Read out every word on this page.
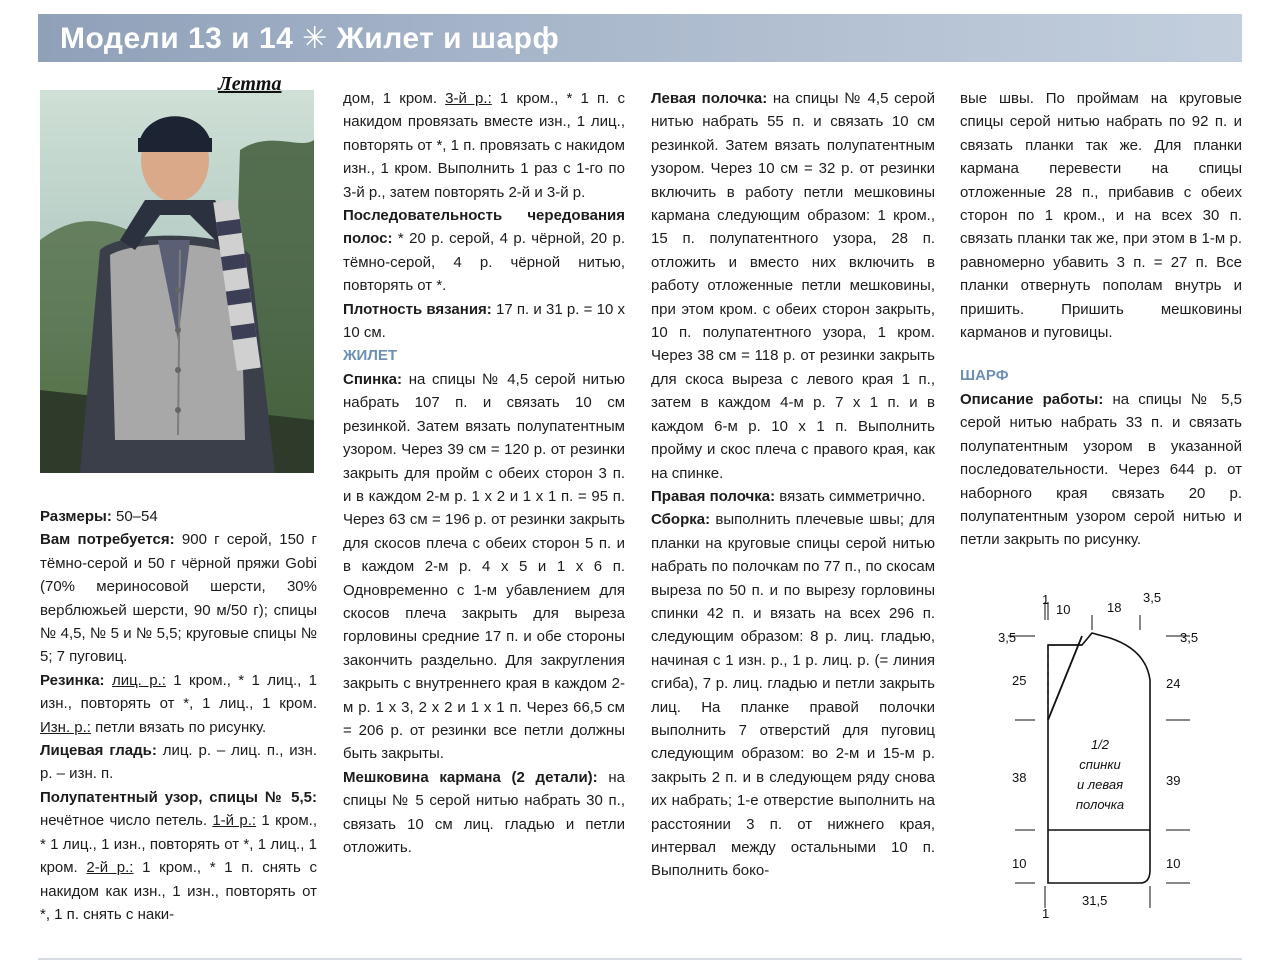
Модели 13 и 14 ✳ Жилет и шарф
Летта

Размеры: 50–54

Вам потребуется: 900 г серой, 150 г тёмно-серой и 50 г чёрной пряжи Gobi (70% мериносовой шерсти, 30% верблюжьей шерсти, 90 м/50 г); спицы № 4,5, № 5 и № 5,5; круговые спицы № 5; 7 пуговиц.

Резинка: лиц. р.: 1 кром., * 1 лиц., 1 изн., повторять от *, 1 лиц., 1 кром. Изн. р.: петли вязать по рисунку.

Лицевая гладь: лиц. р. – лиц. п., изн. р. – изн. п.

Полупатентный узор, спицы № 5,5: нечётное число петель. 1-й р.: 1 кром., * 1 лиц., 1 изн., повторять от *, 1 лиц., 1 кром. 2-й р.: 1 кром., * 1 п. снять с накидом как изн., 1 изн., повторять от *, 1 п. снять с наки-

дом, 1 кром. 3-й р.: 1 кром., * 1 п. с накидом провязать вместе изн., 1 лиц., повторять от *, 1 п. провязать с накидом изн., 1 кром. Выполнить 1 раз с 1-го по 3-й р., затем повторять 2-й и 3-й р.

Последовательность чередования полос: * 20 р. серой, 4 р. чёрной, 20 р. тёмно-серой, 4 р. чёрной нитью, повторять от *.

Плотность вязания: 17 п. и 31 р. = 10 х 10 см.

ЖИЛЕТ

Спинка: на спицы № 4,5 серой нитью набрать 107 п. и связать 10 см резинкой. Затем вязать полупатентным узором. Через 39 см = 120 р. от резинки закрыть для пройм с обеих сторон 3 п. и в каждом 2-м р. 1 х 2 и 1 х 1 п. = 95 п. Через 63 см = 196 р. от резинки закрыть для скосов плеча с обеих сторон 5 п. и в каждом 2-м р. 4 х 5 и 1 х 6 п. Одновременно с 1-м убавлением для скосов плеча закрыть для выреза горловины средние 17 п. и обе стороны закончить раздельно. Для закругления закрыть с внутреннего края в каждом 2-м р. 1 х 3, 2 х 2 и 1 х 1 п. Через 66,5 см = 206 р. от резинки все петли должны быть закрыты.

Мешковина кармана (2 детали): на спицы № 5 серой нитью набрать 30 п., связать 10 см лиц. гладью и петли отложить.

Левая полочка: на спицы № 4,5 серой нитью набрать 55 п. и связать 10 см резинкой. Затем вязать полупатентным узором. Через 10 см = 32 р. от резинки включить в работу петли мешковины кармана следующим образом: 1 кром., 15 п. полупатентного узора, 28 п. отложить и вместо них включить в работу отложенные петли мешковины, при этом кром. с обеих сторон закрыть, 10 п. полупатентного узора, 1 кром. Через 38 см = 118 р. от резинки закрыть для скоса выреза с левого края 1 п., затем в каждом 4-м р. 7 х 1 п. и в каждом 6-м р. 10 х 1 п. Выполнить пройму и скос плеча с правого края, как на спинке.

Правая полочка: вязать симметрично.

Сборка: выполнить плечевые швы; для планки на круговые спицы серой нитью набрать по полочкам по 77 п., по скосам выреза по 50 п. и по вырезу горловины спинки 42 п. и вязать на всех 296 п. следующим образом: 8 р. лиц. гладью, начиная с 1 изн. р., 1 р. лиц. р. (= линия сгиба), 7 р. лиц. гладью и петли закрыть лиц. На планке правой полочки выполнить 7 отверстий для пуговиц следующим образом: во 2-м и 15-м р. закрыть 2 п. и в следующем ряду снова их набрать; 1-е отверстие выполнить на расстоянии 3 п. от нижнего края, интервал между остальными 10 п. Выполнить боко-

вые швы. По проймам на круговые спицы серой нитью набрать по 92 п. и связать планки так же. Для планки кармана перевести на спицы отложенные 28 п., прибавив с обеих сторон по 1 кром., и на всех 30 п. связать планки так же, при этом в 1-м р. равномерно убавить 3 п. = 27 п. Все планки отвернуть пополам внутрь и пришить. Пришить мешковины карманов и пуговицы.

ШАРФ

Описание работы: на спицы № 5,5 серой нитью набрать 33 п. и связать полупатентным узором в указанной последовательности. Через 644 р. от наборного края связать 20 р. полупатентным узором серой нитью и петли закрыть по рисунку.

1
10	18
3,5
3,5	3,5
25	24
38	39
10	10
31,5
1
1/2
спинки
и левая
полочка
